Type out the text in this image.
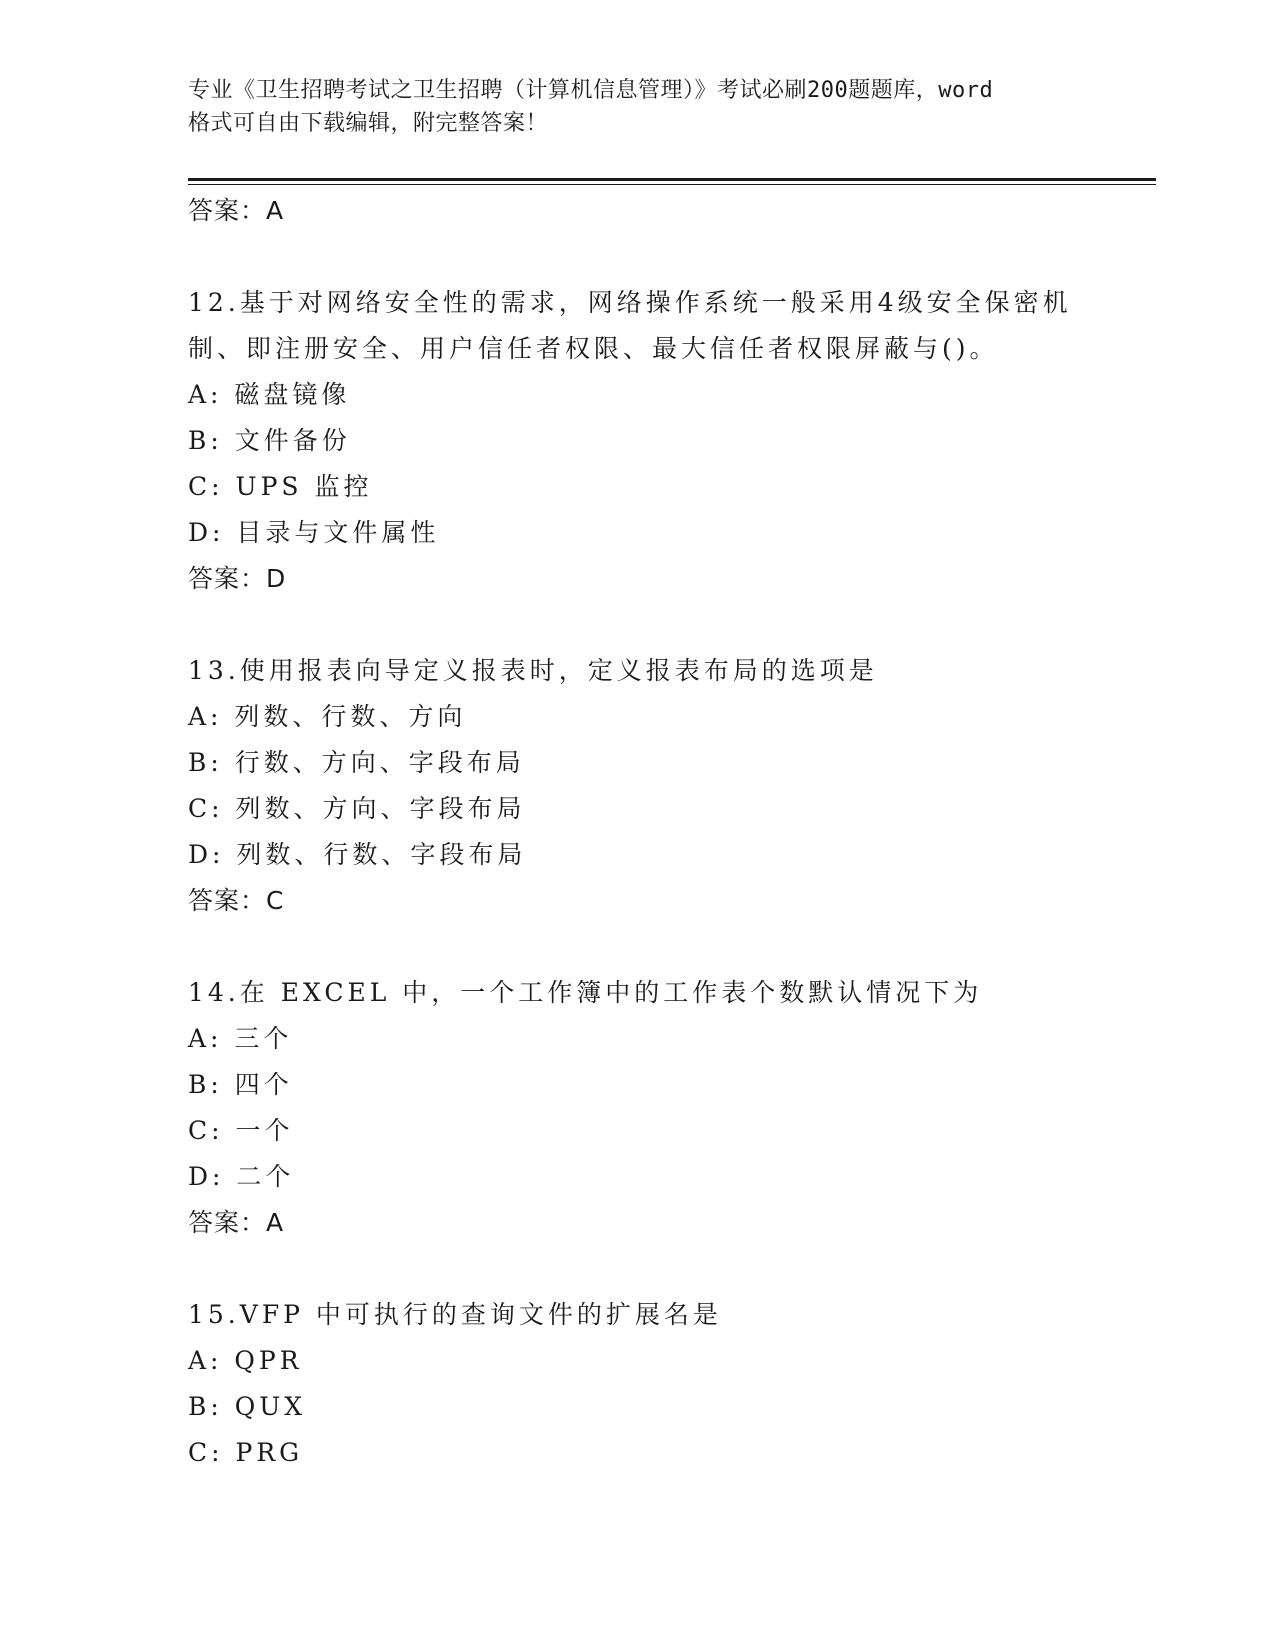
专业《卫生招聘考试之卫生招聘（计算机信息管理）》考试必刷200题题库，word
格式可自由下载编辑，附完整答案！
答案：A
12.基于对网络安全性的需求，网络操作系统一般采用4级安全保密机
制、即注册安全、用户信任者权限、最大信任者权限屏蔽与()。
A: 磁盘镜像
B: 文件备份
C: UPS 监控
D: 目录与文件属性
答案：D
13.使用报表向导定义报表时，定义报表布局的选项是
A: 列数、行数、方向
B: 行数、方向、字段布局
C: 列数、方向、字段布局
D: 列数、行数、字段布局
答案：C
14.在 EXCEL 中，一个工作簿中的工作表个数默认情况下为
A: 三个
B: 四个
C: 一个
D: 二个
答案：A
15.VFP 中可执行的查询文件的扩展名是
A: QPR
B: QUX
C: PRG
